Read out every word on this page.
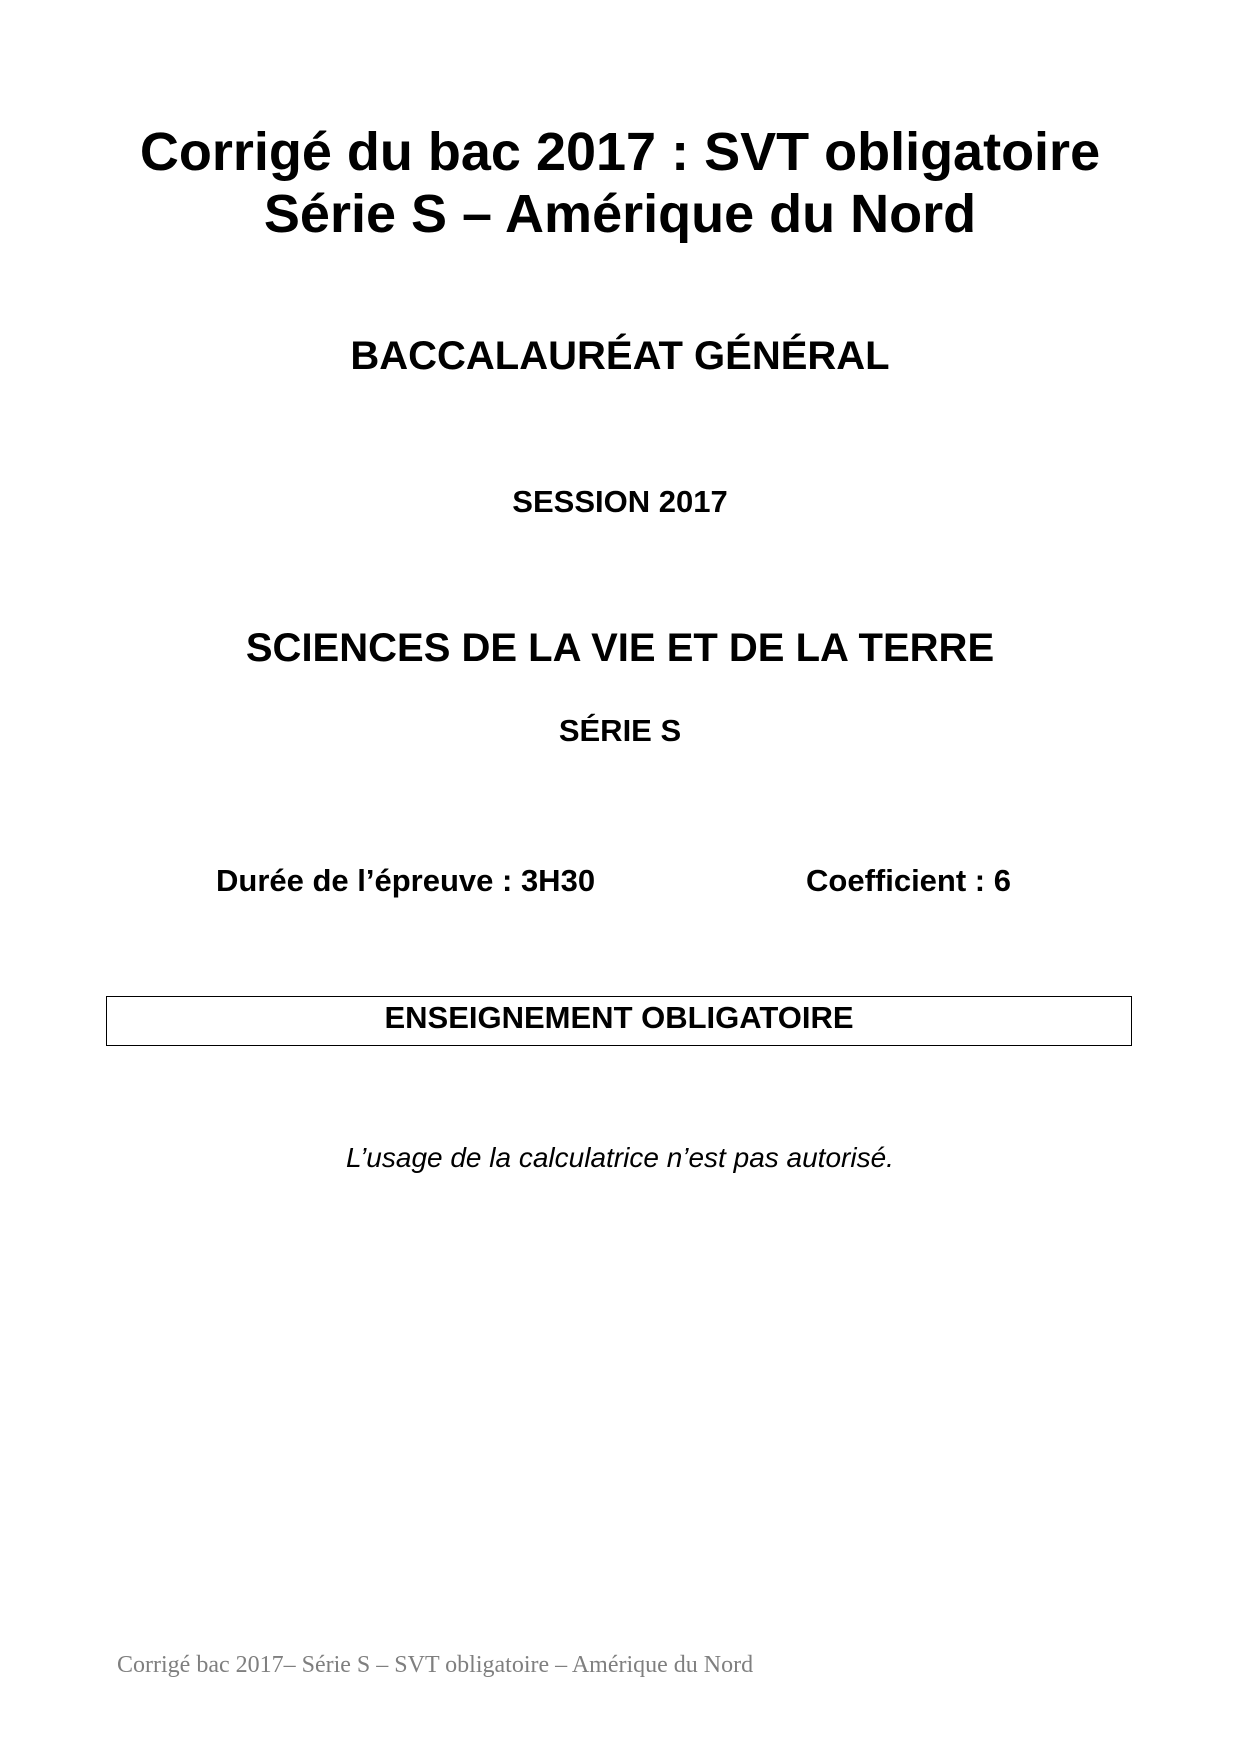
Corrigé du bac 2017 : SVT obligatoire
Série S – Amérique du Nord
BACCALAURÉAT GÉNÉRAL
SESSION 2017
SCIENCES DE LA VIE ET DE LA TERRE
SÉRIE S
Durée de l’épreuve : 3H30	Coefficient : 6
ENSEIGNEMENT OBLIGATOIRE
L’usage de la calculatrice n’est pas autorisé.
Corrigé bac 2017– Série S – SVT obligatoire – Amérique du Nord
